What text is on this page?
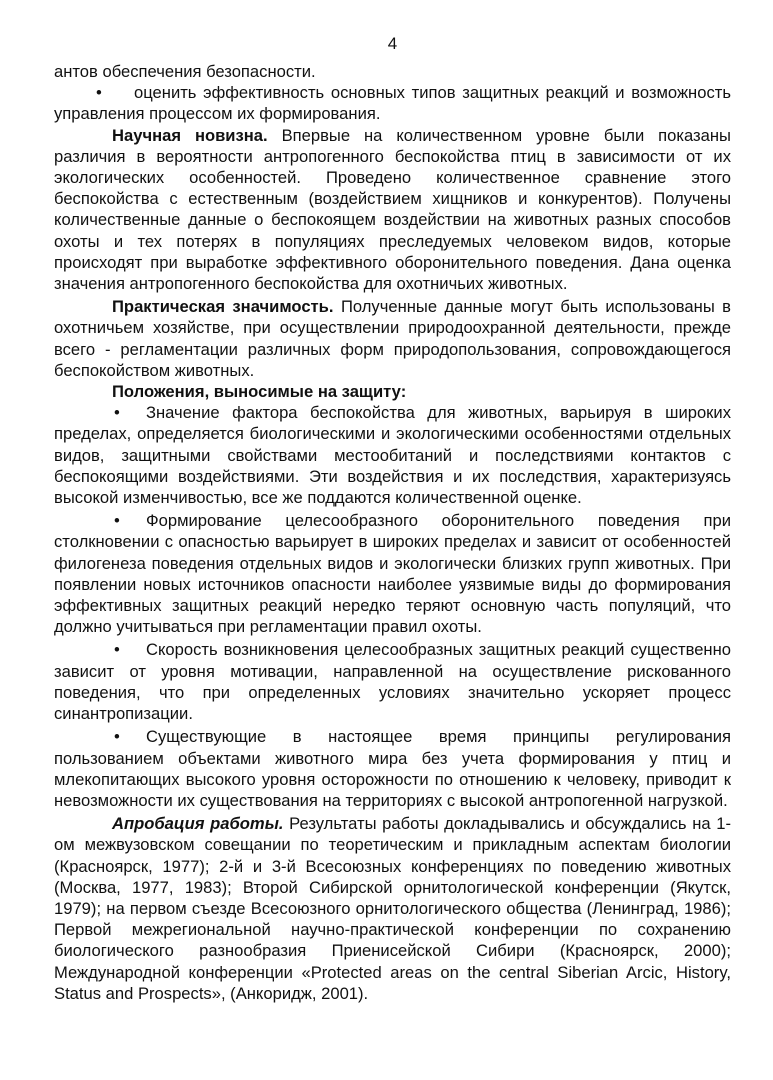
4

антов обеспечения безопасности.

• оценить эффективность основных типов защитных реакций и возможность управления процессом их формирования.

Научная новизна. Впервые на количественном уровне были показаны различия в вероятности антропогенного беспокойства птиц в зависимости от их экологических особенностей. Проведено количественное сравнение этого беспокойства с естественным (воздействием хищников и конкурентов). Получены количественные данные о беспокоящем воздействии на животных разных способов охоты и тех потерях в популяциях преследуемых человеком видов, которые происходят при выработке эффективного оборонительного поведения. Дана оценка значения антропогенного беспокойства для охотничьих животных.

Практическая значимость. Полученные данные могут быть использованы в охотничьем хозяйстве, при осуществлении природоохранной деятельности, прежде всего - регламентации различных форм природопользования, сопровождающегося беспокойством животных.

Положения, выносимые на защиту:

• Значение фактора беспокойства для животных, варьируя в широких пределах, определяется биологическими и экологическими особенностями отдельных видов, защитными свойствами местообитаний и последствиями контактов с беспокоящими воздействиями. Эти воздействия и их последствия, характеризуясь высокой изменчивостью, все же поддаются количественной оценке.

• Формирование целесообразного оборонительного поведения при столкновении с опасностью варьирует в широких пределах и зависит от особенностей филогенеза поведения отдельных видов и экологически близких групп животных. При появлении новых источников опасности наиболее уязвимые виды до формирования эффективных защитных реакций нередко теряют основную часть популяций, что должно учитываться при регламентации правил охоты.

• Скорость возникновения целесообразных защитных реакций существенно зависит от уровня мотивации, направленной на осуществление рискованного поведения, что при определенных условиях значительно ускоряет процесс синантропизации.

• Существующие в настоящее время принципы регулирования пользованием объектами животного мира без учета формирования у птиц и млекопитающих высокого уровня осторожности по отношению к человеку, приводит к невозможности их существования на территориях с высокой антропогенной нагрузкой.

Апробация работы. Результаты работы докладывались и обсуждались на 1-ом межвузовском совещании по теоретическим и прикладным аспектам биологии (Красноярск, 1977); 2-й и 3-й Всесоюзных конференциях по поведению животных (Москва, 1977, 1983); Второй Сибирской орнитологической конференции (Якутск, 1979); на первом съезде Всесоюзного орнитологического общества (Ленинград, 1986); Первой межрегиональной научно-практической конференции по сохранению биологического разнообразия Приенисейской Сибири (Красноярск, 2000); Международной конференции «Protected areas on the central Siberian Arcic, History, Status and Prospects», (Анкоридж, 2001).
